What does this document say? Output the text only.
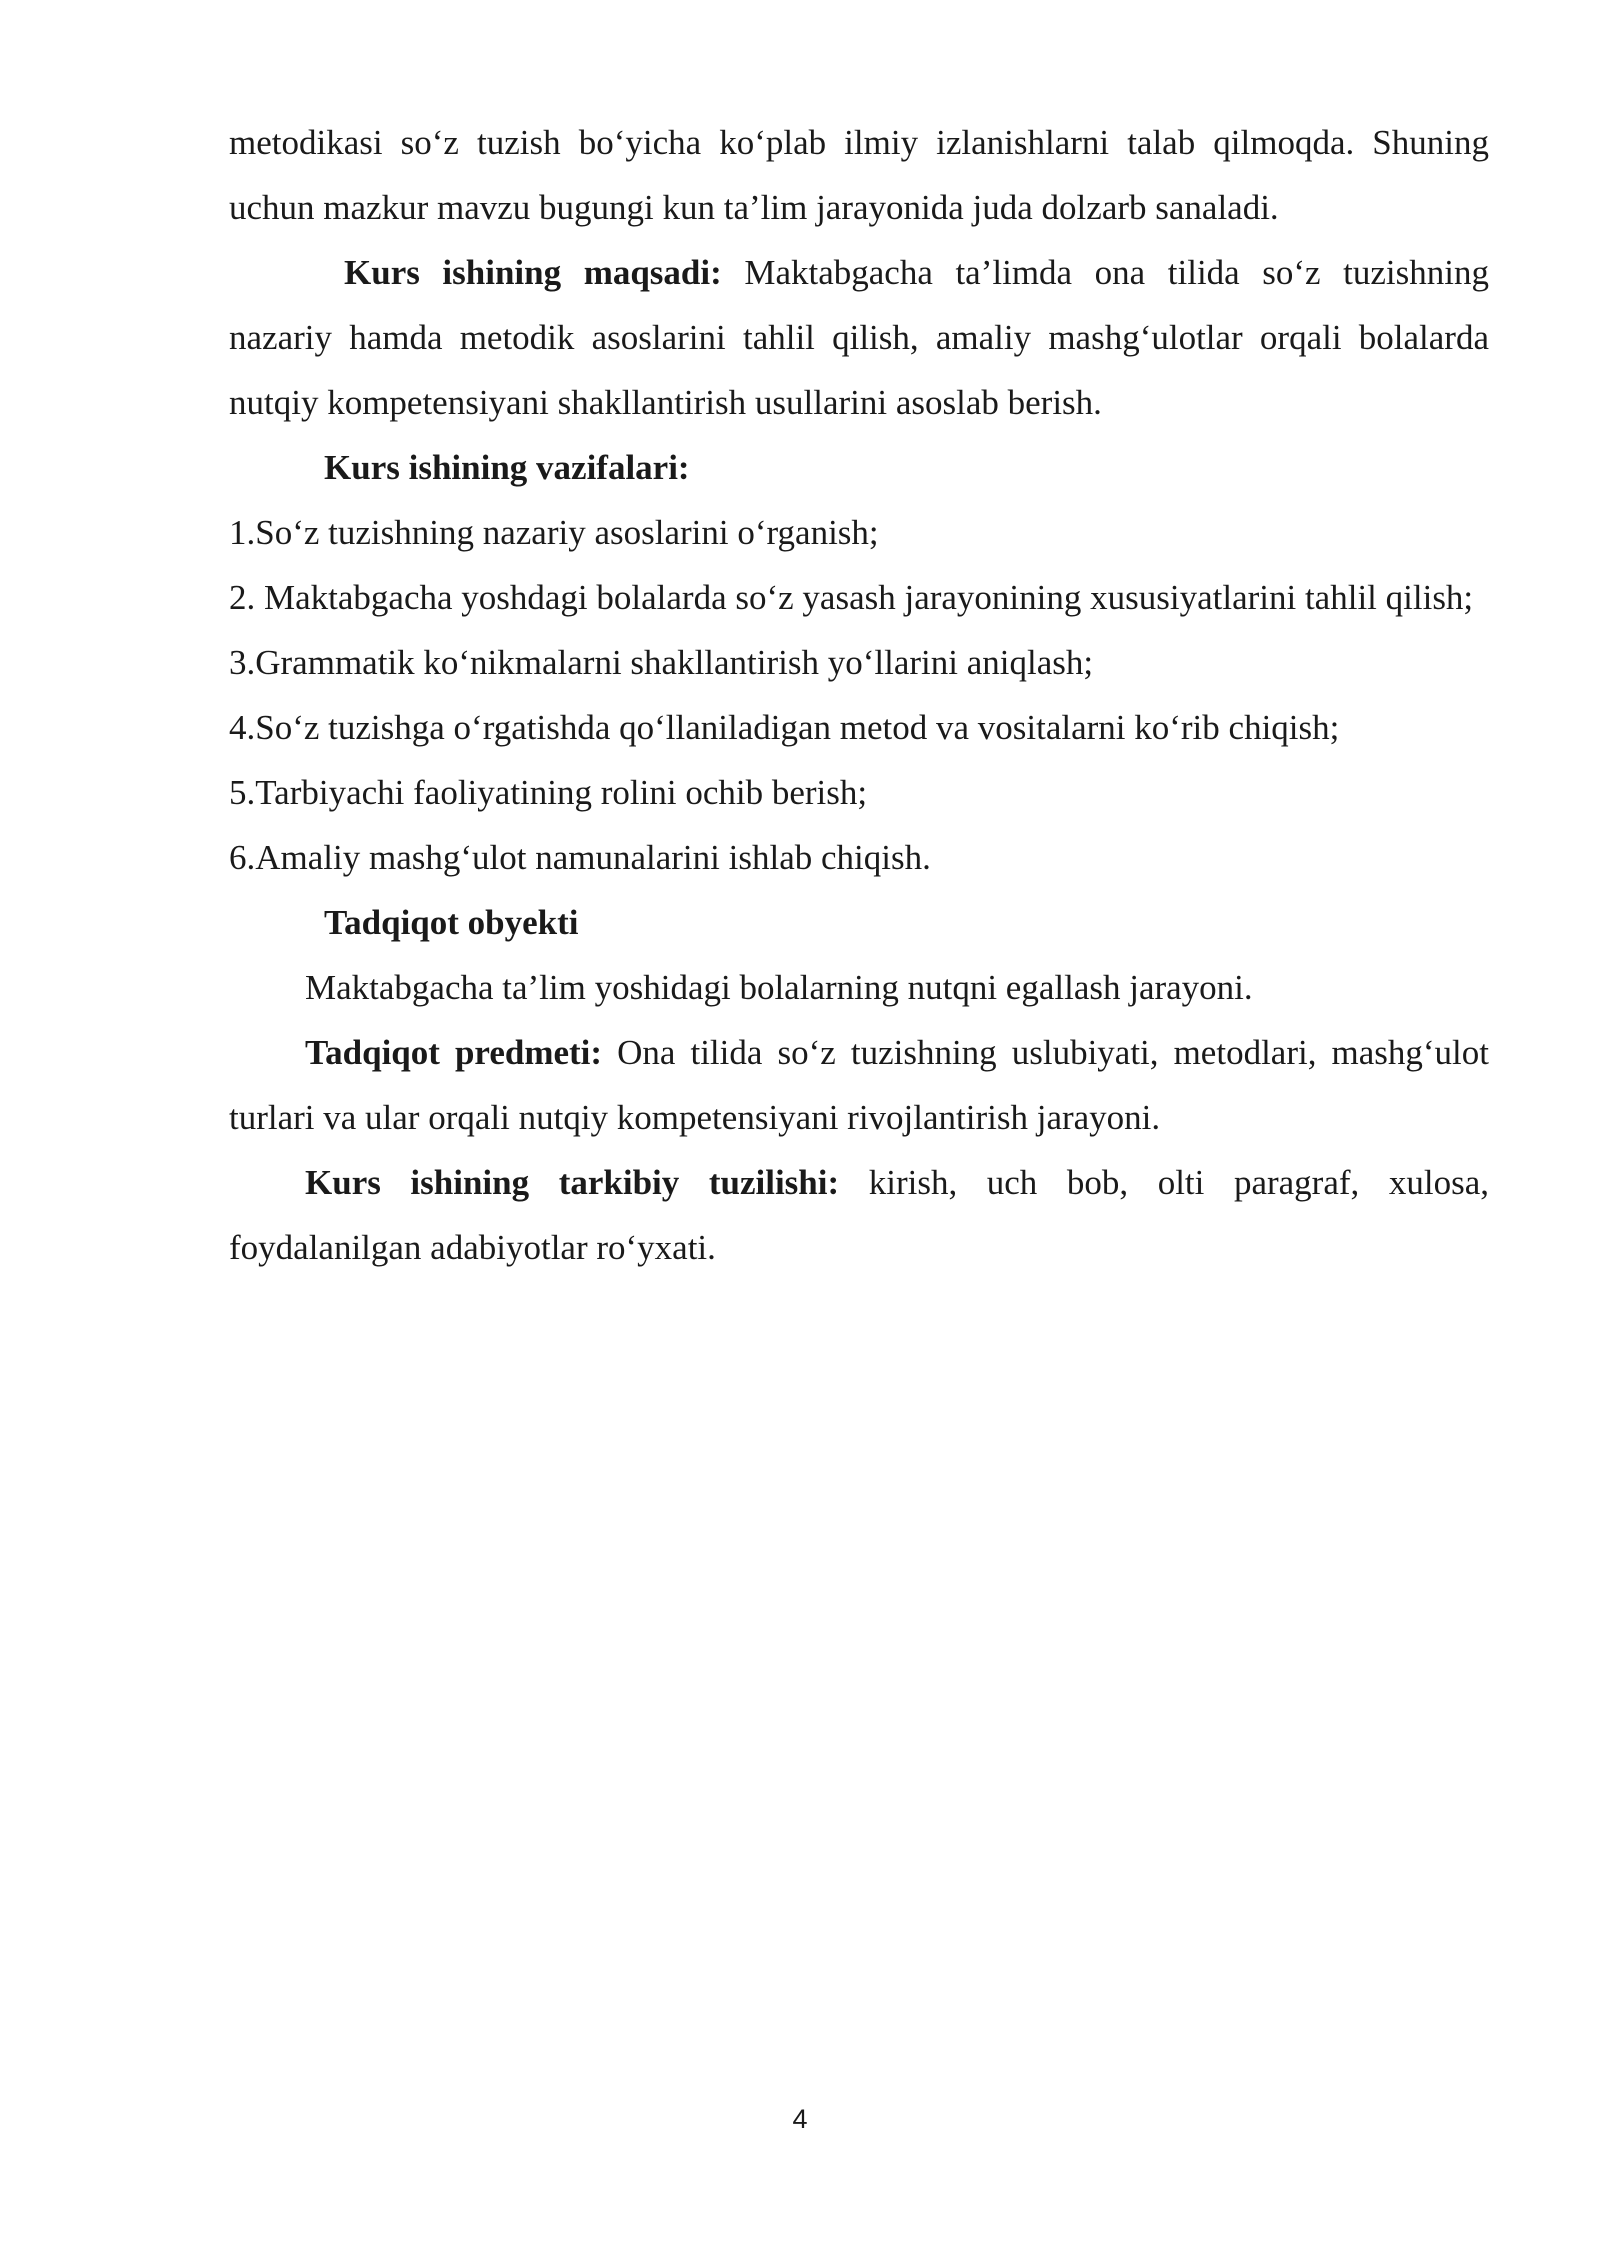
metodikasi so‘z tuzish bo‘yicha ko‘plab ilmiy izlanishlarni talab qilmoqda. Shuning uchun mazkur mavzu bugungi kun ta’lim jarayonida juda dolzarb sanaladi.

Kurs ishining maqsadi: Maktabgacha ta’limda ona tilida so‘z tuzishning nazariy hamda metodik asoslarini tahlil qilish, amaliy mashg‘ulotlar orqali bolalarda nutqiy kompetensiyani shakllantirish usullarini asoslab berish.

Kurs ishining vazifalari:

1.So‘z tuzishning nazariy asoslarini o‘rganish;

2. Maktabgacha yoshdagi bolalarda so‘z yasash jarayonining xususiyatlarini tahlil qilish;

3.Grammatik ko‘nikmalarni shakllantirish yo‘llarini aniqlash;

4.So‘z tuzishga o‘rgatishda qo‘llaniladigan metod va vositalarni ko‘rib chiqish;

5.Tarbiyachi faoliyatining rolini ochib berish;

6.Amaliy mashg‘ulot namunalarini ishlab chiqish.

Tadqiqot obyekti

Maktabgacha ta’lim yoshidagi bolalarning nutqni egallash jarayoni.

Tadqiqot predmeti: Ona tilida so‘z tuzishning uslubiyati, metodlari, mashg‘ulot turlari va ular orqali nutqiy kompetensiyani rivojlantirish jarayoni.

Kurs ishining tarkibiy tuzilishi: kirish, uch bob, olti paragraf, xulosa, foydalanilgan adabiyotlar ro‘yxati.

4
